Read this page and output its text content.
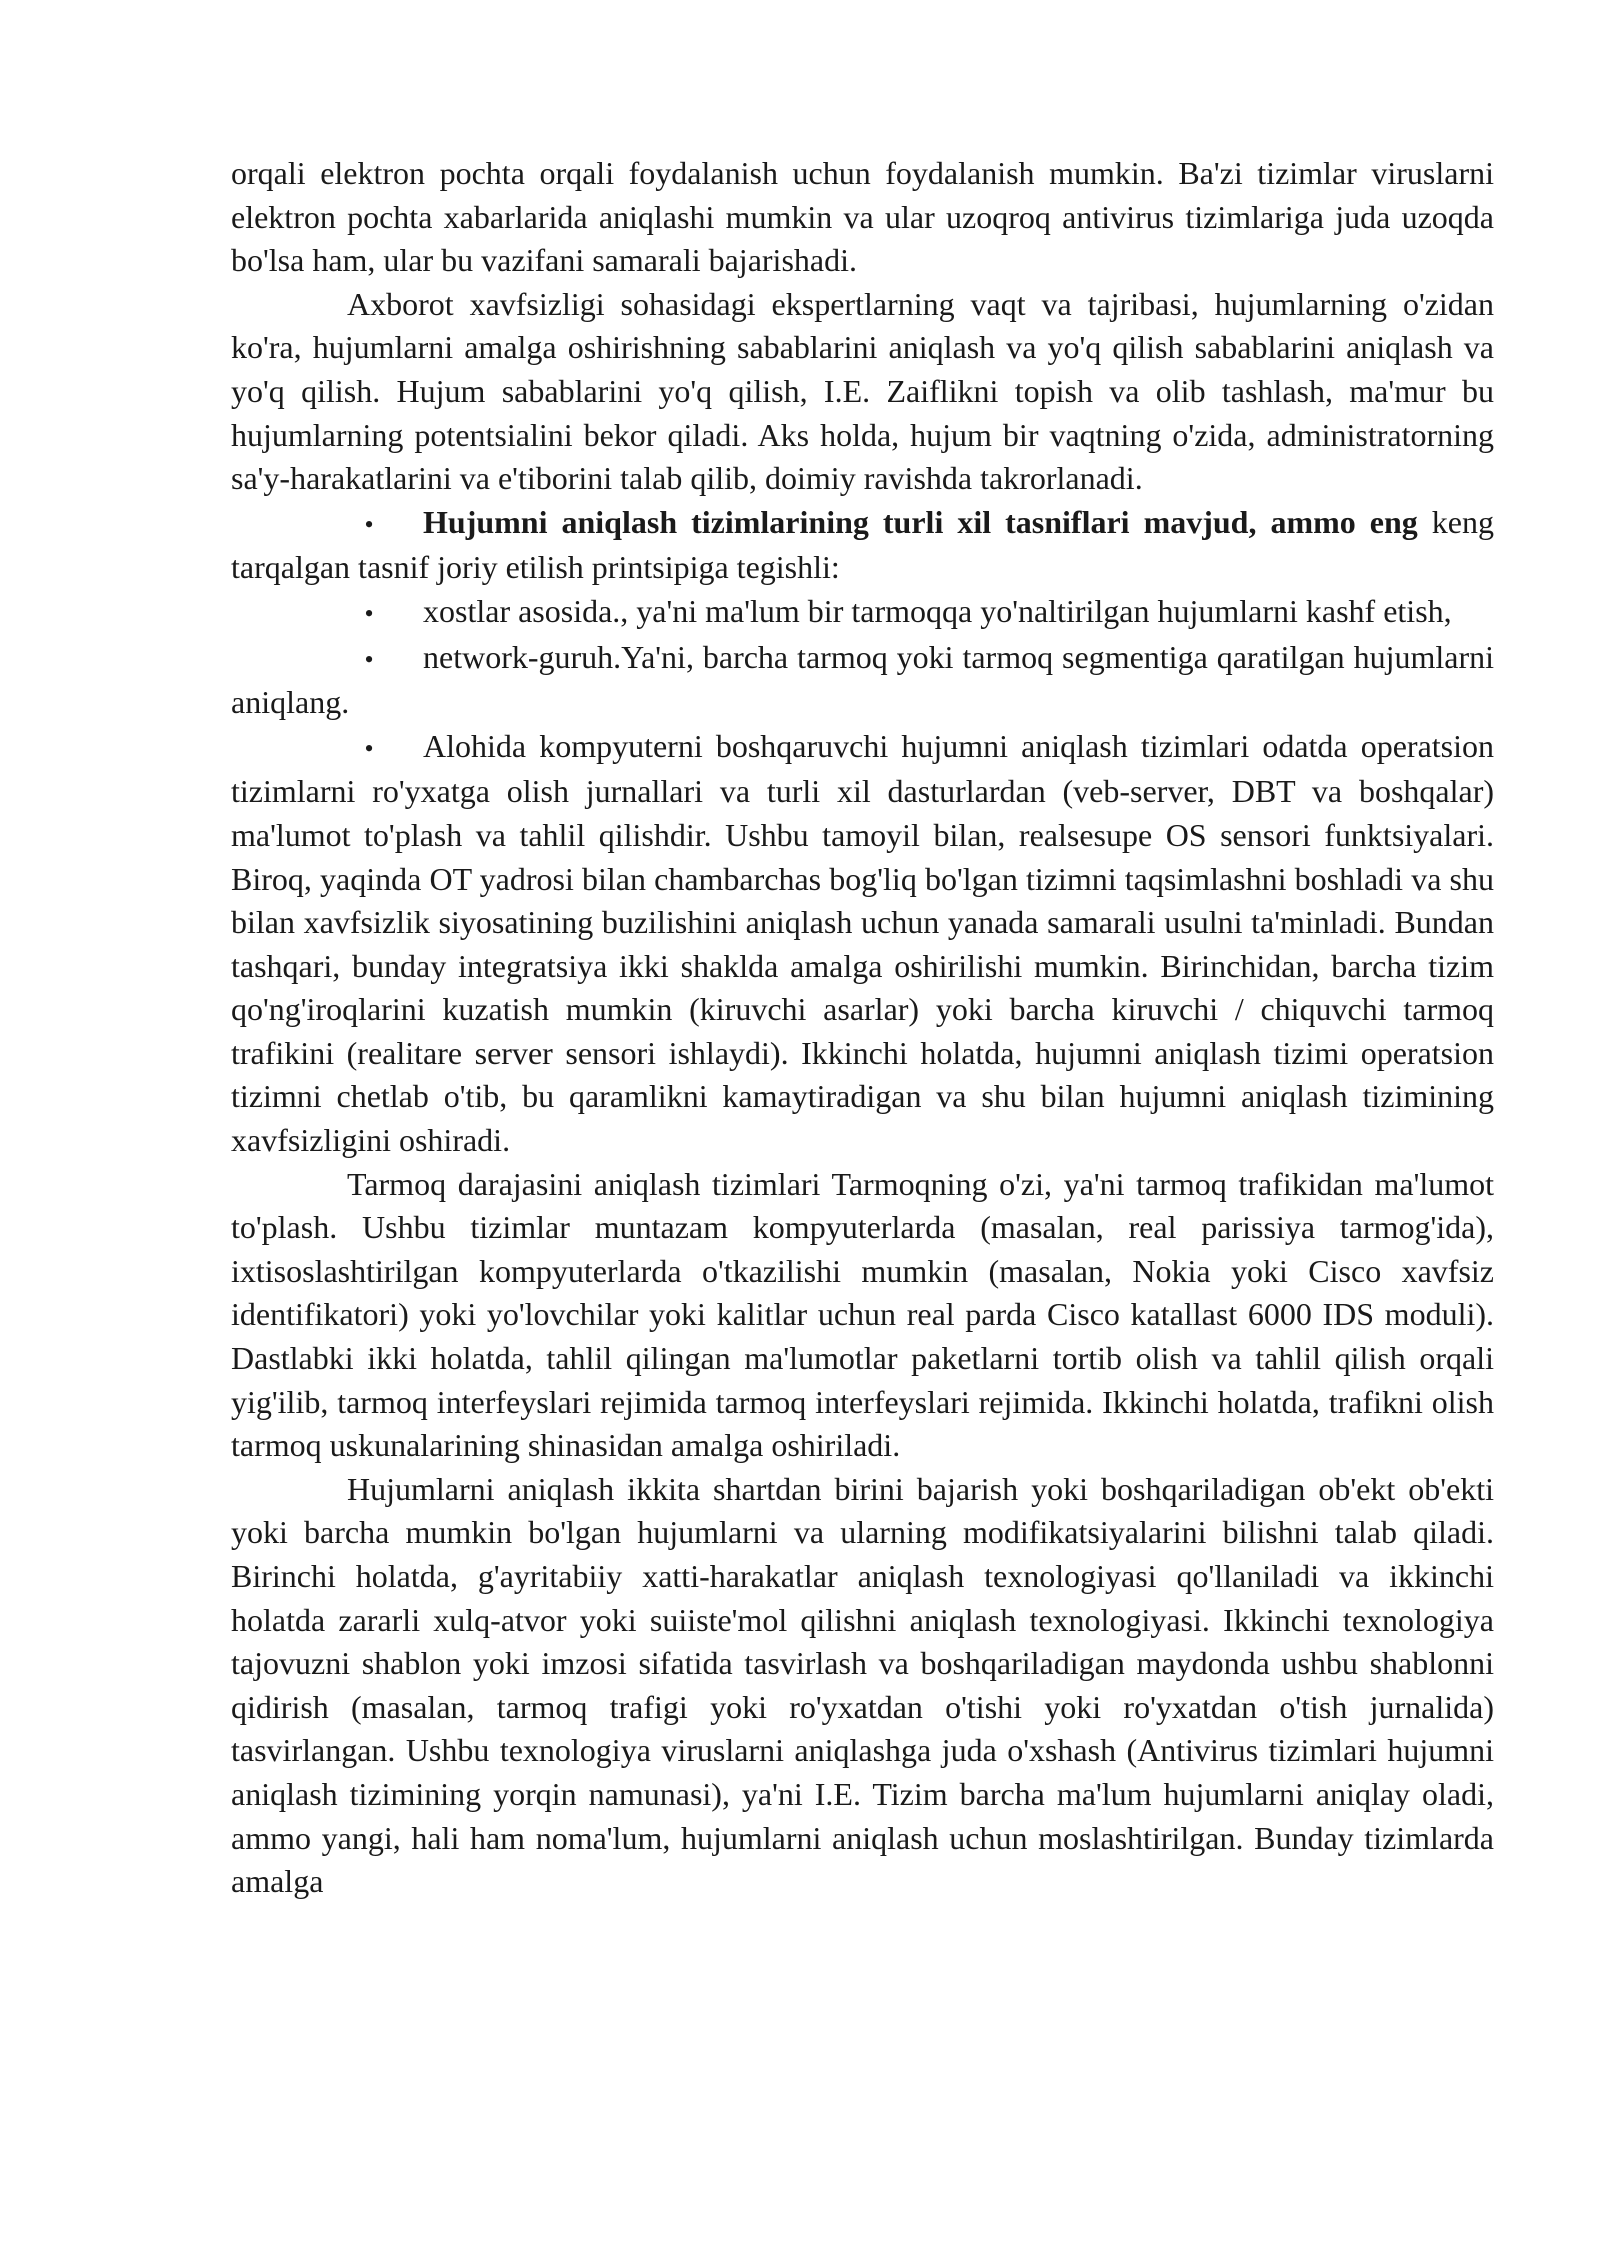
orqali elektron pochta orqali foydalanish uchun foydalanish mumkin. Ba'zi tizimlar viruslarni elektron pochta xabarlarida aniqlashi mumkin va ular uzoqroq antivirus tizimlariga juda uzoqda bo'lsa ham, ular bu vazifani samarali bajarishadi.

Axborot xavfsizligi sohasidagi ekspertlarning vaqt va tajribasi, hujumlarning o'zidan ko'ra, hujumlarni amalga oshirishning sabablarini aniqlash va yo'q qilish sabablarini aniqlash va yo'q qilish. Hujum sabablarini yo'q qilish, I.E. Zaiflikni topish va olib tashlash, ma'mur bu hujumlarning potentsialini bekor qiladi. Aks holda, hujum bir vaqtning o'zida, administratorning sa'y-harakatlarini va e'tiborini talab qilib, doimiy ravishda takrorlanadi.

• Hujumni aniqlash tizimlarining turli xil tasniflari mavjud, ammo eng keng tarqalgan tasnif joriy etilish printsipiga tegishli:

• xostlar asosida., ya'ni ma'lum bir tarmoqqa yo'naltirilgan hujumlarni kashf etish,

• network-guruh.Ya'ni, barcha tarmoq yoki tarmoq segmentiga qaratilgan hujumlarni aniqlang.

• Alohida kompyuterni boshqaruvchi hujumni aniqlash tizimlari odatda operatsion tizimlarni ro'yxatga olish jurnallari va turli xil dasturlardan (veb-server, DBT va boshqalar) ma'lumot to'plash va tahlil qilishdir. Ushbu tamoyil bilan, realsesupe OS sensori funktsiyalari. Biroq, yaqinda OT yadrosi bilan chambarchas bog'liq bo'lgan tizimni taqsimlashni boshladi va shu bilan xavfsizlik siyosatining buzilishini aniqlash uchun yanada samarali usulni ta'minladi. Bundan tashqari, bunday integratsiya ikki shaklda amalga oshirilishi mumkin. Birinchidan, barcha tizim qo'ng'iroqlarini kuzatish mumkin (kiruvchi asarlar) yoki barcha kiruvchi / chiquvchi tarmoq trafikini (realitare server sensori ishlaydi). Ikkinchi holatda, hujumni aniqlash tizimi operatsion tizimni chetlab o'tib, bu qaramlikni kamaytiradigan va shu bilan hujumni aniqlash tizimining xavfsizligini oshiradi.

Tarmoq darajasini aniqlash tizimlari Tarmoqning o'zi, ya'ni tarmoq trafikidan ma'lumot to'plash. Ushbu tizimlar muntazam kompyuterlarda (masalan, real parissiya tarmog'ida), ixtisoslashtirilgan kompyuterlarda o'tkazilishi mumkin (masalan, Nokia yoki Cisco xavfsiz identifikatori) yoki yo'lovchilar yoki kalitlar uchun real parda Cisco katallast 6000 IDS moduli). Dastlabki ikki holatda, tahlil qilingan ma'lumotlar paketlarni tortib olish va tahlil qilish orqali yig'ilib, tarmoq interfeyslari rejimida tarmoq interfeyslari rejimida. Ikkinchi holatda, trafikni olish tarmoq uskunalarining shinasidan amalga oshiriladi.

Hujumlarni aniqlash ikkita shartdan birini bajarish yoki boshqariladigan ob'ekt ob'ekti yoki barcha mumkin bo'lgan hujumlarni va ularning modifikatsiyalarini bilishni talab qiladi. Birinchi holatda, g'ayritabiiy xatti-harakatlar aniqlash texnologiyasi qo'llaniladi va ikkinchi holatda zararli xulq-atvor yoki suiiste'mol qilishni aniqlash texnologiyasi. Ikkinchi texnologiya tajovuzni shablon yoki imzosi sifatida tasvirlash va boshqariladigan maydonda ushbu shablonni qidirish (masalan, tarmoq trafigi yoki ro'yxatdan o'tishi yoki ro'yxatdan o'tish jurnalida) tasvirlangan. Ushbu texnologiya viruslarni aniqlashga juda o'xshash (Antivirus tizimlari hujumni aniqlash tizimining yorqin namunasi), ya'ni I.E. Tizim barcha ma'lum hujumlarni aniqlay oladi, ammo yangi, hali ham noma'lum, hujumlarni aniqlash uchun moslashtirilgan. Bunday tizimlarda amalga
